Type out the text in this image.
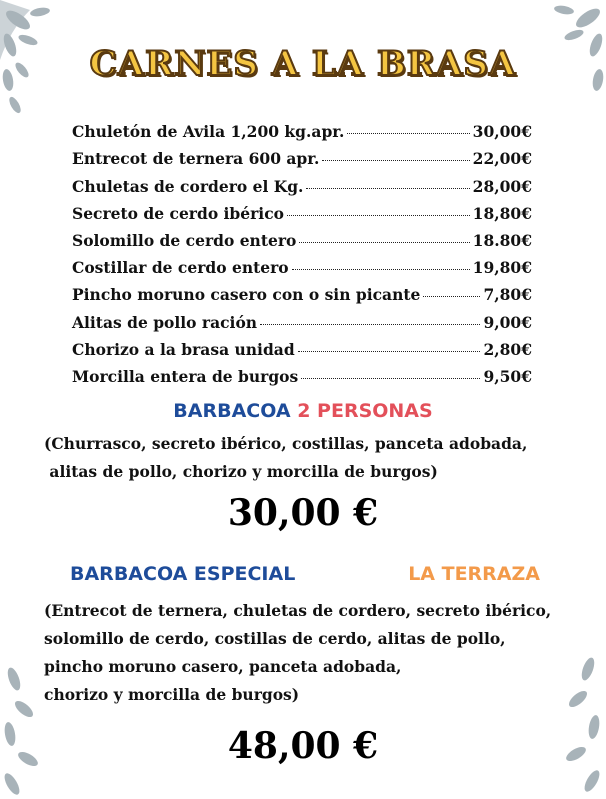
CARNES A LA BRASA
Chuletón de Avila 1,200 kg.apr.	30,00€
Entrecot de ternera 600 apr.	22,00€
Chuletas de cordero el Kg.	28,00€
Secreto de cerdo ibérico	18,80€
Solomillo de cerdo entero	18.80€
Costillar de cerdo entero	19,80€
Pincho moruno casero con o sin picante	7,80€
Alitas de pollo ración	9,00€
Chorizo a la brasa unidad	2,80€
Morcilla entera de burgos	9,50€
BARBACOA 2 PERSONAS
(Churrasco, secreto ibérico, costillas, panceta adobada,
alitas de pollo, chorizo y morcilla de burgos)
30,00 €
BARBACOA ESPECIAL	LA TERRAZA
(Entrecot de ternera, chuletas de cordero, secreto ibérico,
solomillo de cerdo, costillas de cerdo, alitas de pollo,
pincho moruno casero, panceta adobada,
chorizo y morcilla de burgos)
48,00 €
